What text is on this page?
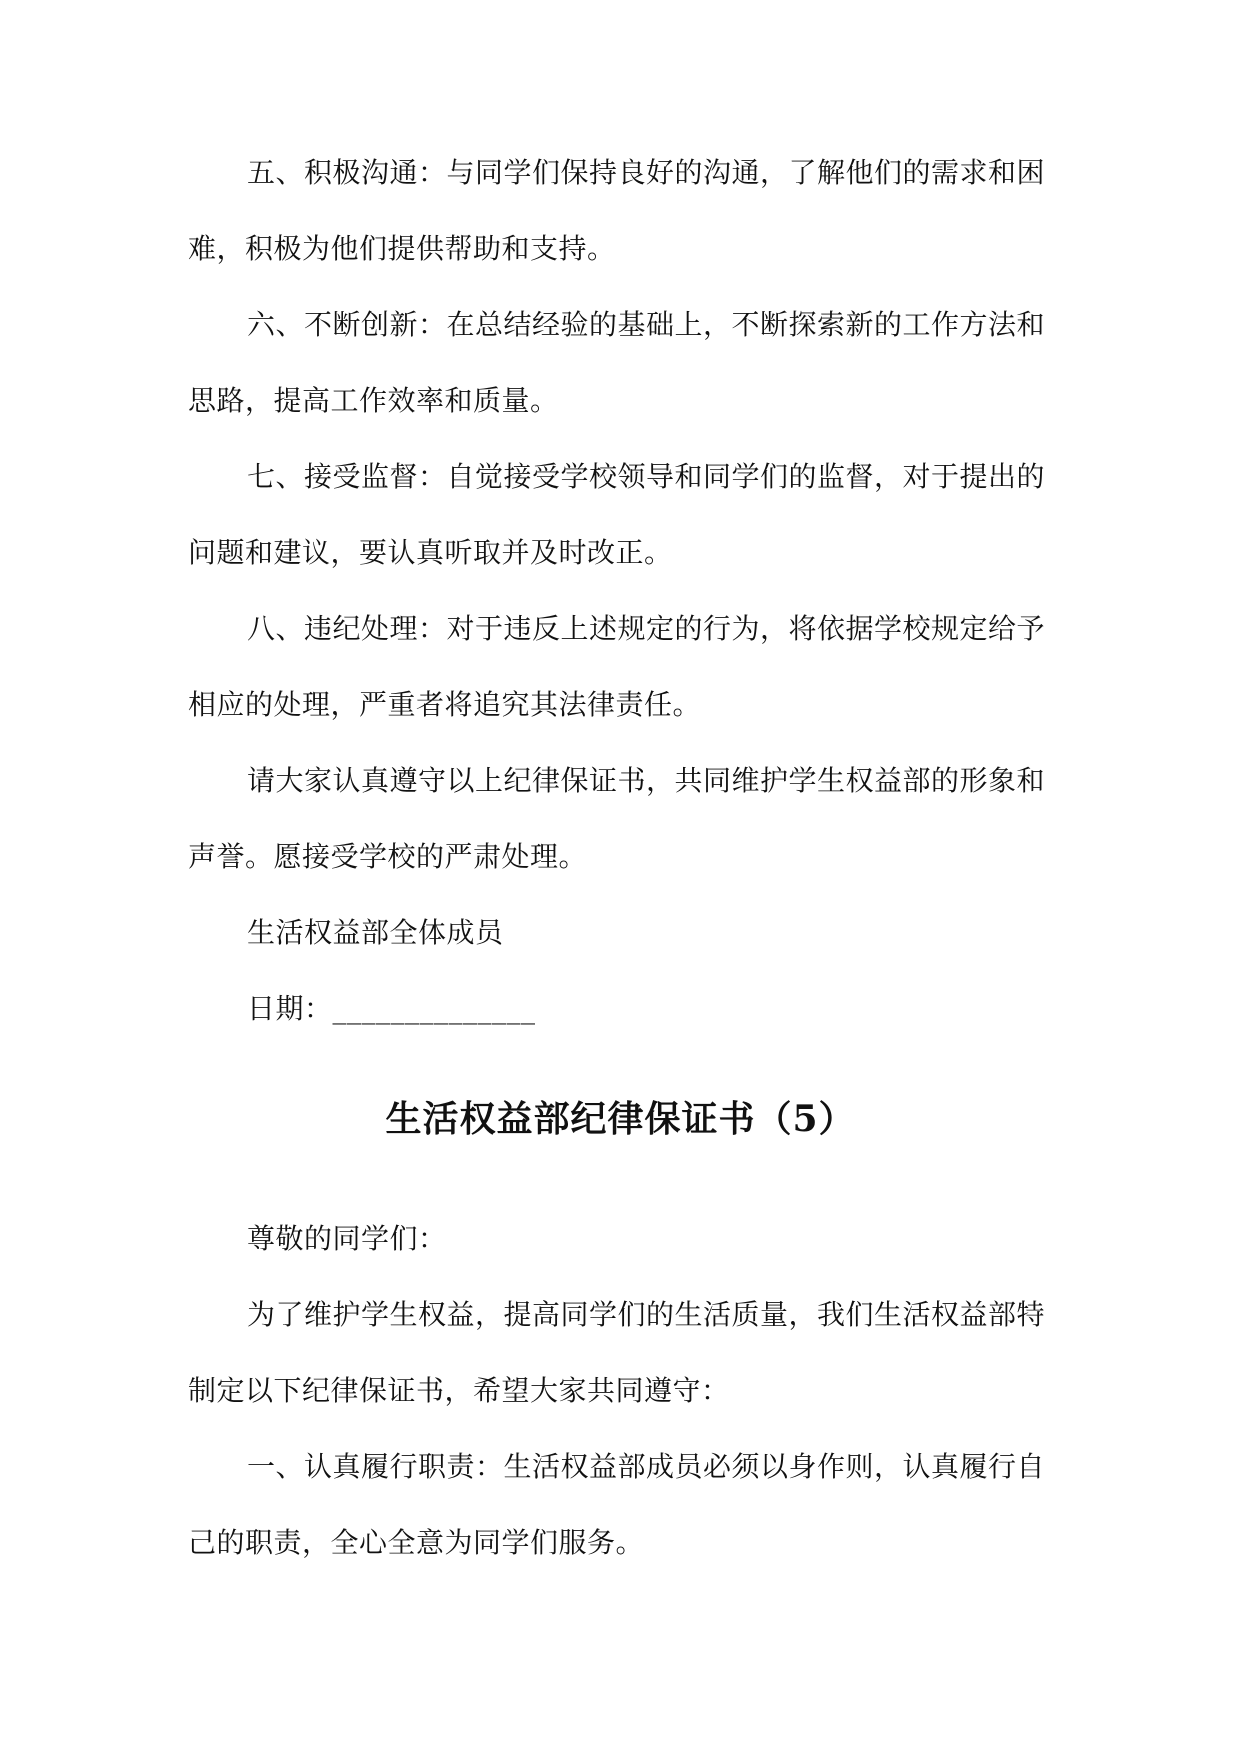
五、积极沟通：与同学们保持良好的沟通，了解他们的需求和困
难，积极为他们提供帮助和支持。
六、不断创新：在总结经验的基础上，不断探索新的工作方法和
思路，提高工作效率和质量。
七、接受监督：自觉接受学校领导和同学们的监督，对于提出的
问题和建议，要认真听取并及时改正。
八、违纪处理：对于违反上述规定的行为，将依据学校规定给予
相应的处理，严重者将追究其法律责任。
请大家认真遵守以上纪律保证书，共同维护学生权益部的形象和
声誉。愿接受学校的严肃处理。
生活权益部全体成员
日期：______________
生活权益部纪律保证书（5）
尊敬的同学们：
为了维护学生权益，提高同学们的生活质量，我们生活权益部特
制定以下纪律保证书，希望大家共同遵守：
一、认真履行职责：生活权益部成员必须以身作则，认真履行自
己的职责，全心全意为同学们服务。
